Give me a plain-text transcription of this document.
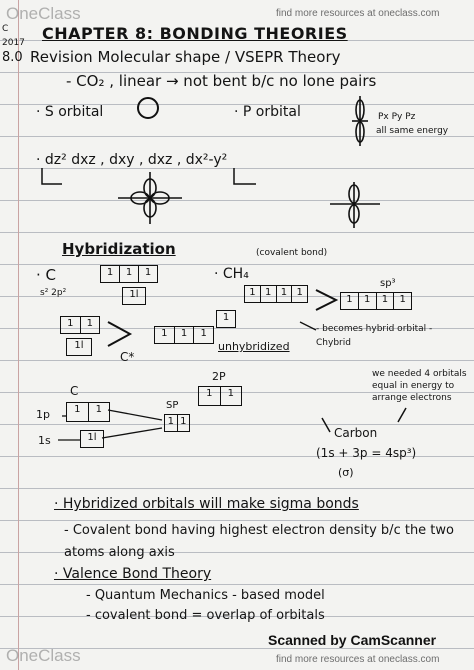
OneClass	find more resources at oneclass.com
OneClass	find more resources at oneclass.com
Scanned by CamScanner
C
2017 CHAPTER 8: BONDING THEORIES
8.0 Revision Molecular shape / VSEPR Theory
- CO₂ , linear → not bent b/c no lone pairs
· S orbital	· P orbital	Px Py Pz
all same energy
· dz² dxz , dxy , dxz , dx²-y²
Hybridization
· C
s² 2p²
· CH₄
(covalent bond)
sp³
C*
unhybridized
- becomes hybrid orbital - Chybrid
we needed 4 orbitals equal in energy to arrange electrons
C
2P
SP
1p
1s
Carbon
(1s + 3p = 4sp³)
(σ)
· Hybridized orbitals will make sigma bonds
- Covalent bond having highest electron density b/c the two atoms along axis
· Valence Bond Theory
- Quantum Mechanics - based model
- covalent bond = overlap of orbitals
1	1	1
1l	1 1 1 1
1	1	1	1
1	1
1l
1	1	1
1
1	1
1l
1 1
1	1
